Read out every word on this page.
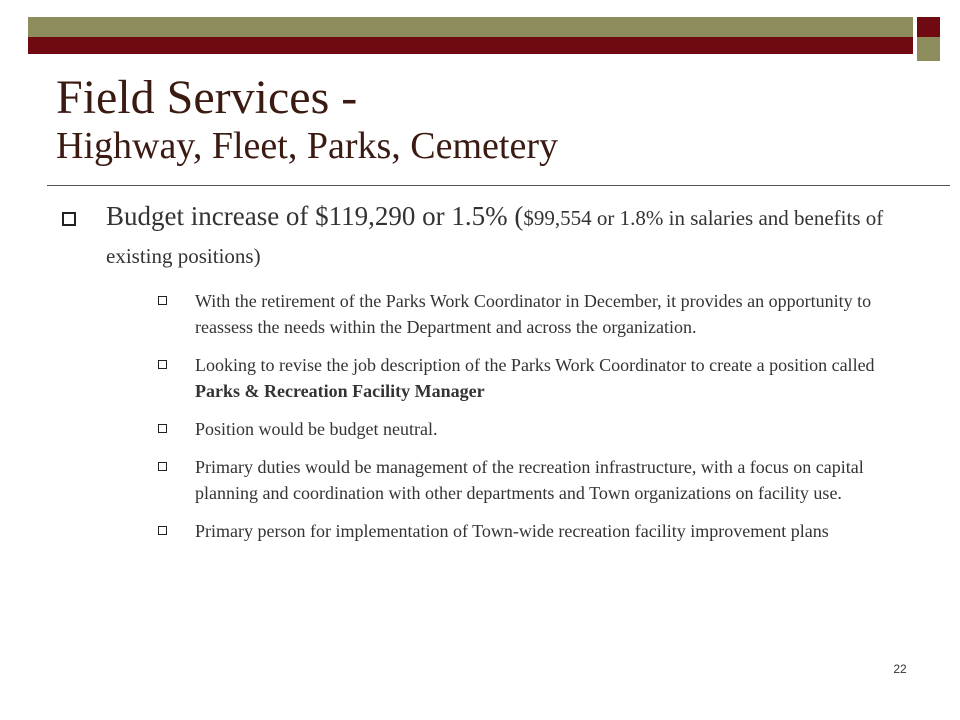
Field Services -
Highway, Fleet, Parks, Cemetery
Budget increase of $119,290 or 1.5% ($99,554 or 1.8% in salaries and benefits of existing positions)
With the retirement of the Parks Work Coordinator in December, it provides an opportunity to reassess the needs within the Department and across the organization.
Looking to revise the job description of the Parks Work Coordinator to create a position called Parks & Recreation Facility Manager
Position would be budget neutral.
Primary duties would be management of the recreation infrastructure, with a focus on capital planning and coordination with other departments and Town organizations on facility use.
Primary person for implementation of Town-wide recreation facility improvement plans
22
